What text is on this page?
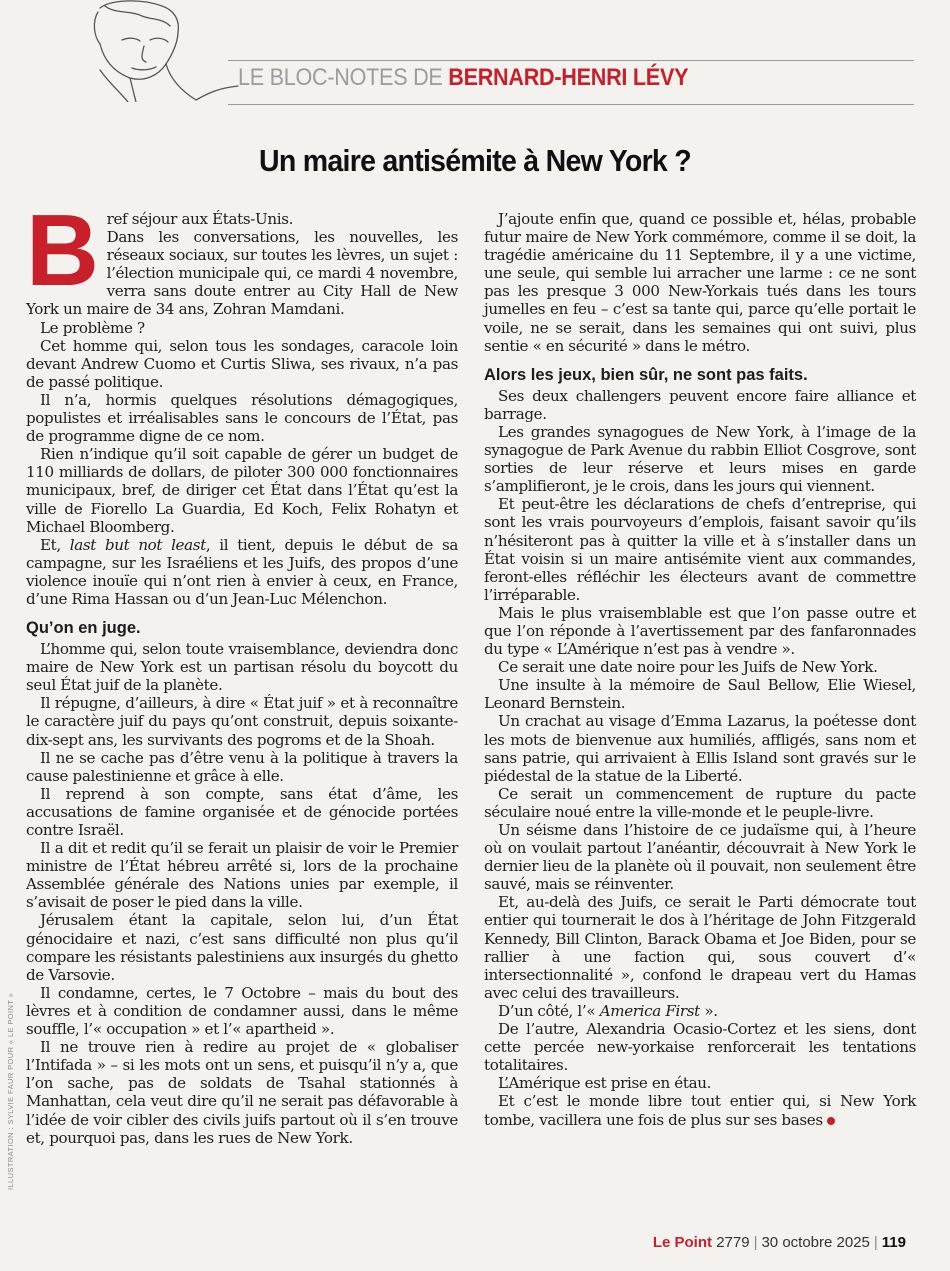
LE BLOC-NOTES DE BERNARD-HENRI LÉVY
Un maire antisémite à New York ?

Bref séjour aux États-Unis.

Dans les conversations, les nouvelles, les réseaux sociaux, sur toutes les lèvres, un sujet : l’élection municipale qui, ce mardi 4 novembre, verra sans doute entrer au City Hall de New York un maire de 34 ans, Zohran Mamdani.

Le problème ?

Cet homme qui, selon tous les sondages, caracole loin devant Andrew Cuomo et Curtis Sliwa, ses rivaux, n’a pas de passé politique.

Il n’a, hormis quelques résolutions démagogiques, populistes et irréalisables sans le concours de l’État, pas de programme digne de ce nom.

Rien n’indique qu’il soit capable de gérer un budget de 110 milliards de dollars, de piloter 300 000 fonctionnaires municipaux, bref, de diriger cet État dans l’État qu’est la ville de Fiorello La Guardia, Ed Koch, Felix Rohatyn et Michael Bloomberg.

Et, last but not least, il tient, depuis le début de sa campagne, sur les Israéliens et les Juifs, des propos d’une violence inouïe qui n’ont rien à envier à ceux, en France, d’une Rima Hassan ou d’un Jean-Luc Mélenchon.

Qu’on en juge.

L’homme qui, selon toute vraisemblance, deviendra donc maire de New York est un partisan résolu du boycott du seul État juif de la planète.

Il répugne, d’ailleurs, à dire « État juif » et à reconnaître le caractère juif du pays qu’ont construit, depuis soixante-dix-sept ans, les survivants des pogroms et de la Shoah.

Il ne se cache pas d’être venu à la politique à travers la cause palestinienne et grâce à elle.

Il reprend à son compte, sans état d’âme, les accusations de famine organisée et de génocide portées contre Israël.

Il a dit et redit qu’il se ferait un plaisir de voir le Premier ministre de l’État hébreu arrêté si, lors de la prochaine Assemblée générale des Nations unies par exemple, il s’avisait de poser le pied dans la ville.

Jérusalem étant la capitale, selon lui, d’un État génocidaire et nazi, c’est sans difficulté non plus qu’il compare les résistants palestiniens aux insurgés du ghetto de Varsovie.

Il condamne, certes, le 7 Octobre – mais du bout des lèvres et à condition de condamner aussi, dans le même souffle, l’« occupation » et l’« apartheid ».

Il ne trouve rien à redire au projet de « globaliser l’Intifada » – si les mots ont un sens, et puisqu’il n’y a, que l’on sache, pas de soldats de Tsahal stationnés à Manhattan, cela veut dire qu’il ne serait pas défavorable à l’idée de voir cibler des civils juifs partout où il s’en trouve et, pourquoi pas, dans les rues de New York.

J’ajoute enfin que, quand ce possible et, hélas, probable futur maire de New York commémore, comme il se doit, la tragédie américaine du 11 Septembre, il y a une victime, une seule, qui semble lui arracher une larme : ce ne sont pas les presque 3 000 New-Yorkais tués dans les tours jumelles en feu – c’est sa tante qui, parce qu’elle portait le voile, ne se serait, dans les semaines qui ont suivi, plus sentie « en sécurité » dans le métro.

Alors les jeux, bien sûr, ne sont pas faits.

Ses deux challengers peuvent encore faire alliance et barrage.

Les grandes synagogues de New York, à l’image de la synagogue de Park Avenue du rabbin Elliot Cosgrove, sont sorties de leur réserve et leurs mises en garde s’amplifieront, je le crois, dans les jours qui viennent.

Et peut-être les déclarations de chefs d’entreprise, qui sont les vrais pourvoyeurs d’emplois, faisant savoir qu’ils n’hésiteront pas à quitter la ville et à s’installer dans un État voisin si un maire antisémite vient aux commandes, feront-elles réfléchir les électeurs avant de commettre l’irréparable.

Mais le plus vraisemblable est que l’on passe outre et que l’on réponde à l’avertissement par des fanfaronnades du type « L’Amérique n’est pas à vendre ».

Ce serait une date noire pour les Juifs de New York.

Une insulte à la mémoire de Saul Bellow, Elie Wiesel, Leonard Bernstein.

Un crachat au visage d’Emma Lazarus, la poétesse dont les mots de bienvenue aux humiliés, affligés, sans nom et sans patrie, qui arrivaient à Ellis Island sont gravés sur le piédestal de la statue de la Liberté.

Ce serait un commencement de rupture du pacte séculaire noué entre la ville-monde et le peuple-livre.

Un séisme dans l’histoire de ce judaïsme qui, à l’heure où on voulait partout l’anéantir, découvrait à New York le dernier lieu de la planète où il pouvait, non seulement être sauvé, mais se réinventer.

Et, au-delà des Juifs, ce serait le Parti démocrate tout entier qui tournerait le dos à l’héritage de John Fitzgerald Kennedy, Bill Clinton, Barack Obama et Joe Biden, pour se rallier à une faction qui, sous couvert d’« intersectionnalité », confond le drapeau vert du Hamas avec celui des travailleurs.

D’un côté, l’« America First ».

De l’autre, Alexandria Ocasio-Cortez et les siens, dont cette percée new-yorkaise renforcerait les tentations totalitaires.

L’Amérique est prise en étau.

Et c’est le monde libre tout entier qui, si New York tombe, vacillera une fois de plus sur ses bases

ILLUSTRATION : SYLVIE FAUR POUR « LE POINT »
Le Point 2779 | 30 octobre 2025 | 119
